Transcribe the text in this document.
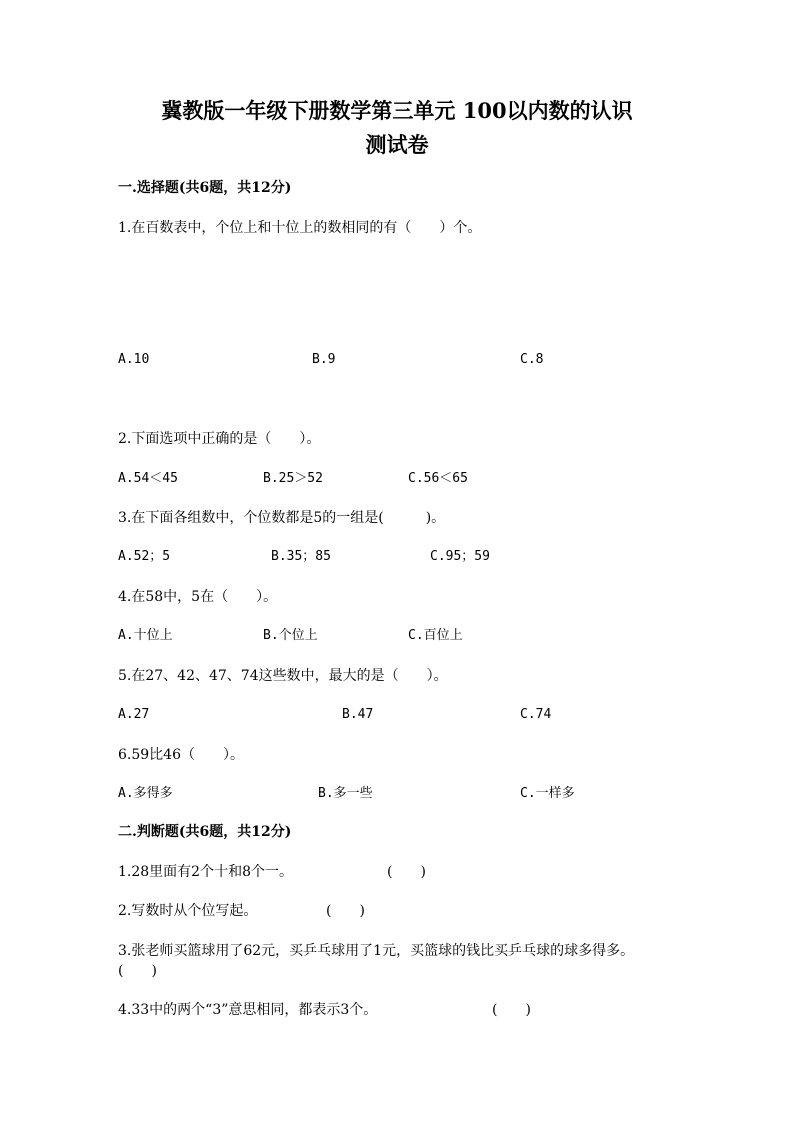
冀教版一年级下册数学第三单元 100以内数的认识
测试卷
一.选择题(共6题，共12分)
1.在百数表中，个位上和十位上的数相同的有（　　）个。
A.10	B.9	C.8
2.下面选项中正确的是（　　）。
A.54＜45	B.25＞52	C.56＜65
3.在下面各组数中，个位数都是5的一组是(　　　)。
A.52；5	B.35；85	C.95；59
4.在58中，5在（　　）。
A.十位上	B.个位上	C.百位上
5.在27、42、47、74这些数中，最大的是（　　）。
A.27	B.47	C.74
6.59比46（　　）。
A.多得多	B.多一些	C.一样多
二.判断题(共6题，共12分)
1.28里面有2个十和8个一。	(　　)
2.写数时从个位写起。	(　　)
3.张老师买篮球用了62元，买乒乓球用了1元，买篮球的钱比买乒乓球的球多得多。(　　)
4.33中的两个“3”意思相同，都表示3个。	(　　)
